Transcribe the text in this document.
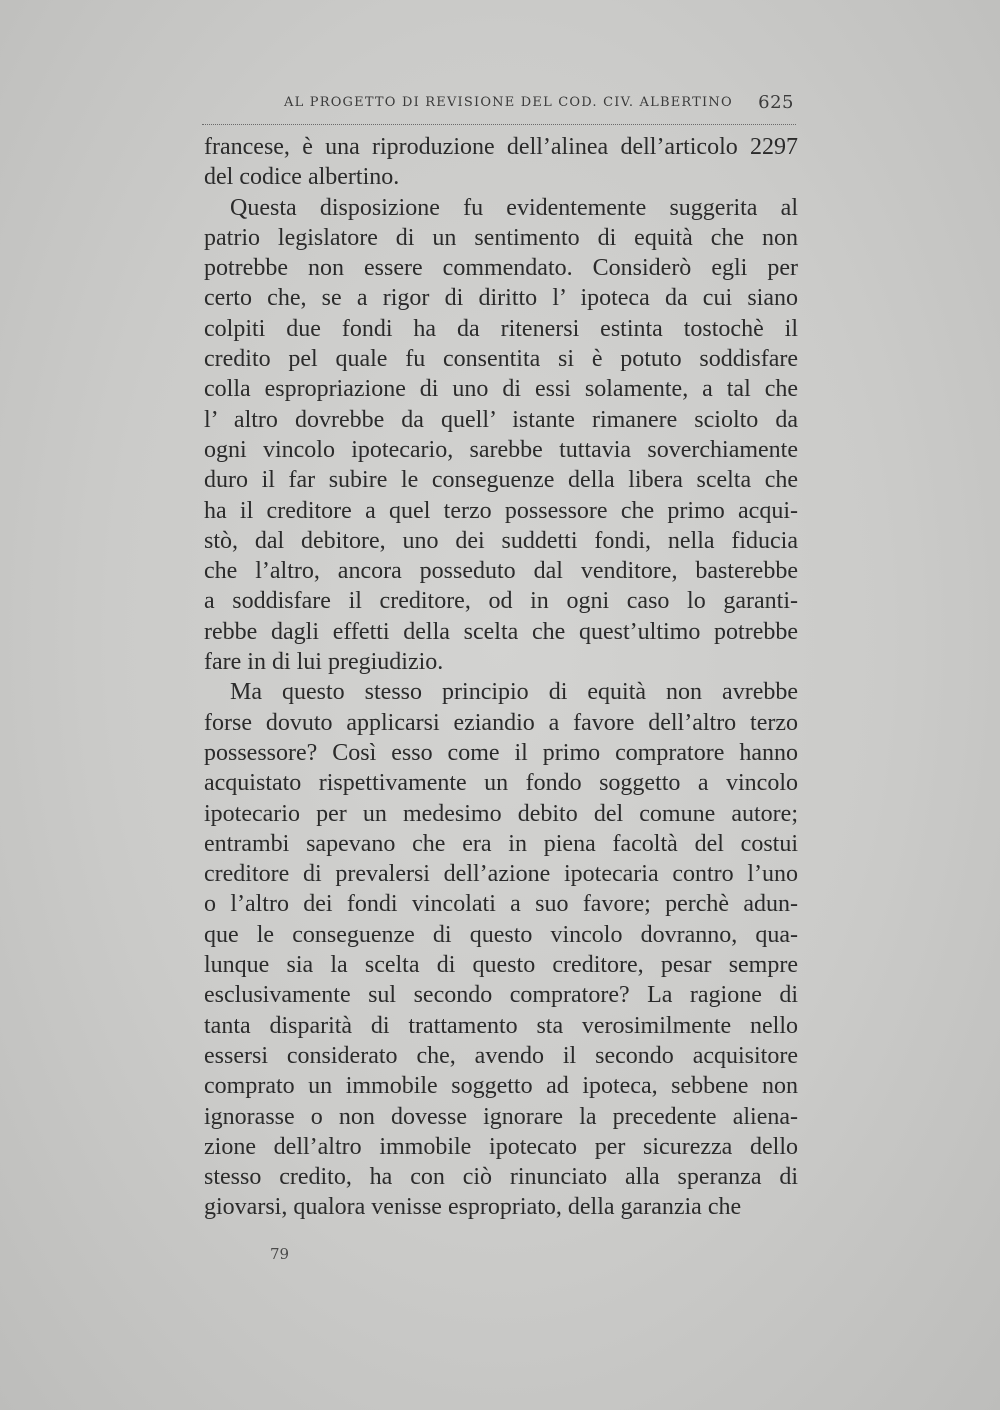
AL PROGETTO DI REVISIONE DEL COD. CIV. ALBERTINO 625
francese, è una riproduzione dell’alinea dell’articolo 2297
del codice albertino.
Questa disposizione fu evidentemente suggerita al
patrio legislatore di un sentimento di equità che non
potrebbe non essere commendato. Considerò egli per
certo che, se a rigor di diritto l’ ipoteca da cui siano
colpiti due fondi ha da ritenersi estinta tostochè il
credito pel quale fu consentita si è potuto soddisfare
colla espropriazione di uno di essi solamente, a tal che
l’ altro dovrebbe da quell’ istante rimanere sciolto da
ogni vincolo ipotecario, sarebbe tuttavia soverchiamente
duro il far subire le conseguenze della libera scelta che
ha il creditore a quel terzo possessore che primo acqui-
stò, dal debitore, uno dei suddetti fondi, nella fiducia
che l’altro, ancora posseduto dal venditore, basterebbe
a soddisfare il creditore, od in ogni caso lo garanti-
rebbe dagli effetti della scelta che quest’ultimo potrebbe
fare in di lui pregiudizio.
Ma questo stesso principio di equità non avrebbe
forse dovuto applicarsi eziandio a favore dell’altro terzo
possessore? Così esso come il primo compratore hanno
acquistato rispettivamente un fondo soggetto a vincolo
ipotecario per un medesimo debito del comune autore;
entrambi sapevano che era in piena facoltà del costui
creditore di prevalersi dell’azione ipotecaria contro l’uno
o l’altro dei fondi vincolati a suo favore; perchè adun-
que le conseguenze di questo vincolo dovranno, qua-
lunque sia la scelta di questo creditore, pesar sempre
esclusivamente sul secondo compratore? La ragione di
tanta disparità di trattamento sta verosimilmente nello
essersi considerato che, avendo il secondo acquisitore
comprato un immobile soggetto ad ipoteca, sebbene non
ignorasse o non dovesse ignorare la precedente aliena-
zione dell’altro immobile ipotecato per sicurezza dello
stesso credito, ha con ciò rinunciato alla speranza di
giovarsi, qualora venisse espropriato, della garanzia che
79
